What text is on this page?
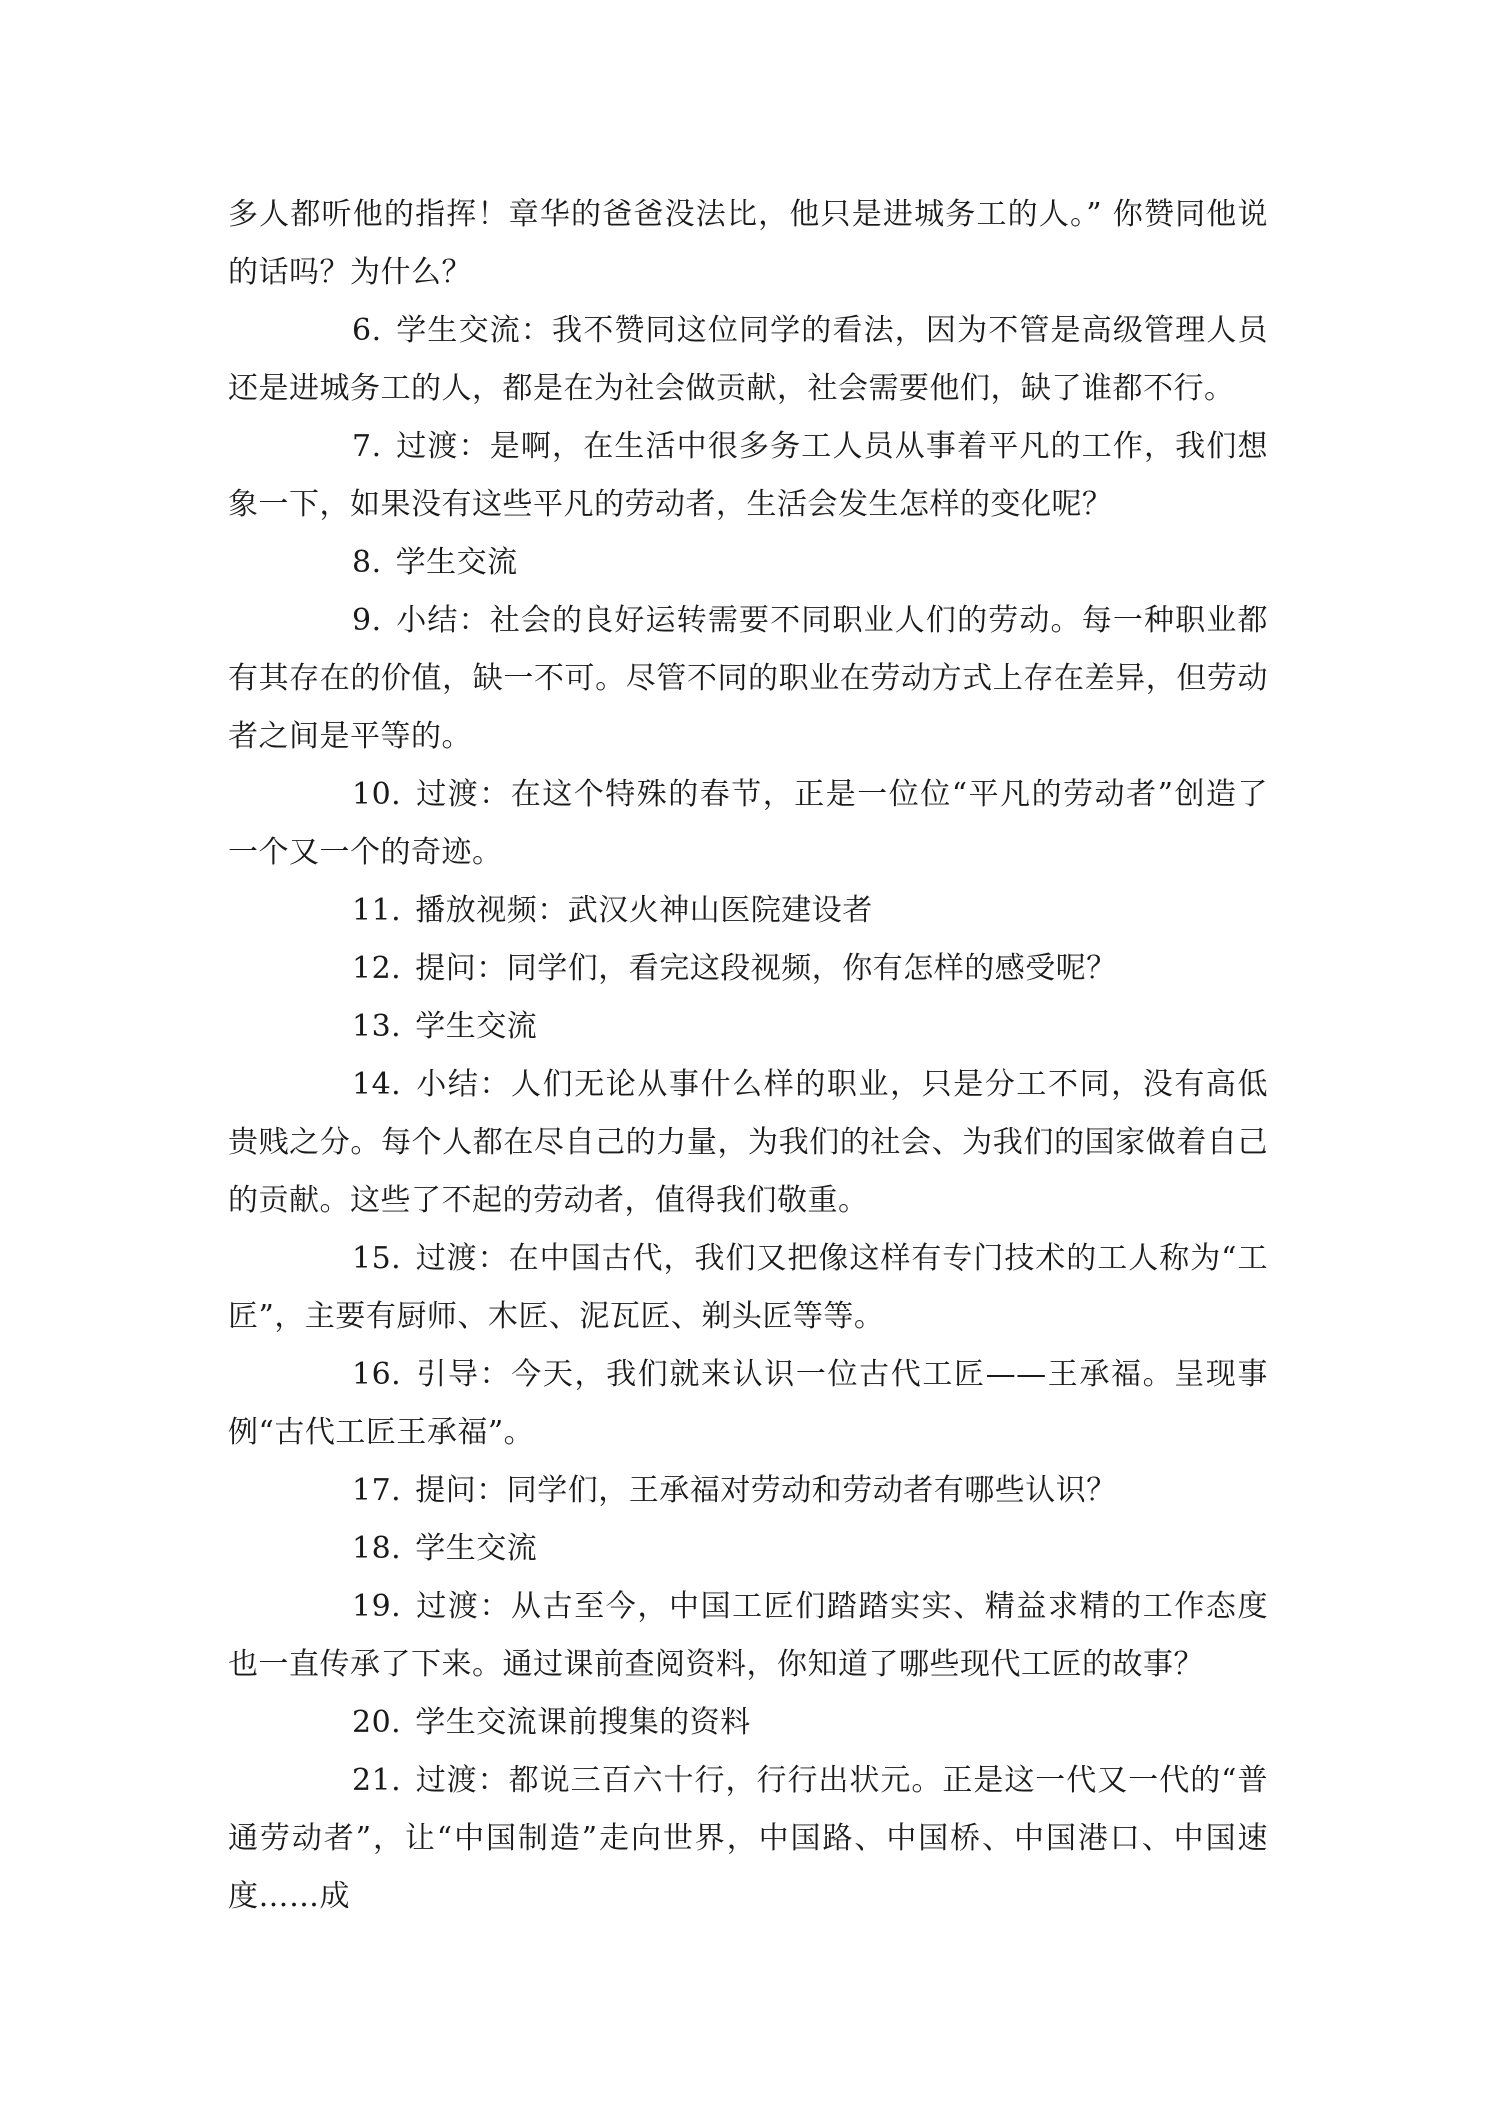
多人都听他的指挥！章华的爸爸没法比，他只是进城务工的人。” 你赞同他说的话吗？为什么？

6. 学生交流：我不赞同这位同学的看法，因为不管是高级管理人员还是进城务工的人，都是在为社会做贡献，社会需要他们，缺了谁都不行。

7. 过渡：是啊，在生活中很多务工人员从事着平凡的工作，我们想象一下，如果没有这些平凡的劳动者，生活会发生怎样的变化呢？

8. 学生交流

9. 小结：社会的良好运转需要不同职业人们的劳动。每一种职业都有其存在的价值，缺一不可。尽管不同的职业在劳动方式上存在差异，但劳动者之间是平等的。

10. 过渡：在这个特殊的春节，正是一位位“平凡的劳动者”创造了一个又一个的奇迹。

11. 播放视频：武汉火神山医院建设者

12. 提问：同学们，看完这段视频，你有怎样的感受呢？

13. 学生交流

14. 小结：人们无论从事什么样的职业，只是分工不同，没有高低贵贱之分。每个人都在尽自己的力量，为我们的社会、为我们的国家做着自己的贡献。这些了不起的劳动者，值得我们敬重。

15. 过渡：在中国古代，我们又把像这样有专门技术的工人称为“工匠”，主要有厨师、木匠、泥瓦匠、剃头匠等等。

16. 引导：今天，我们就来认识一位古代工匠——王承福。呈现事例“古代工匠王承福”。

17. 提问：同学们，王承福对劳动和劳动者有哪些认识？

18. 学生交流

19. 过渡：从古至今，中国工匠们踏踏实实、精益求精的工作态度也一直传承了下来。通过课前查阅资料，你知道了哪些现代工匠的故事？

20. 学生交流课前搜集的资料

21. 过渡：都说三百六十行，行行出状元。正是这一代又一代的“普通劳动者”，让“中国制造”走向世界，中国路、中国桥、中国港口、中国速度……成
